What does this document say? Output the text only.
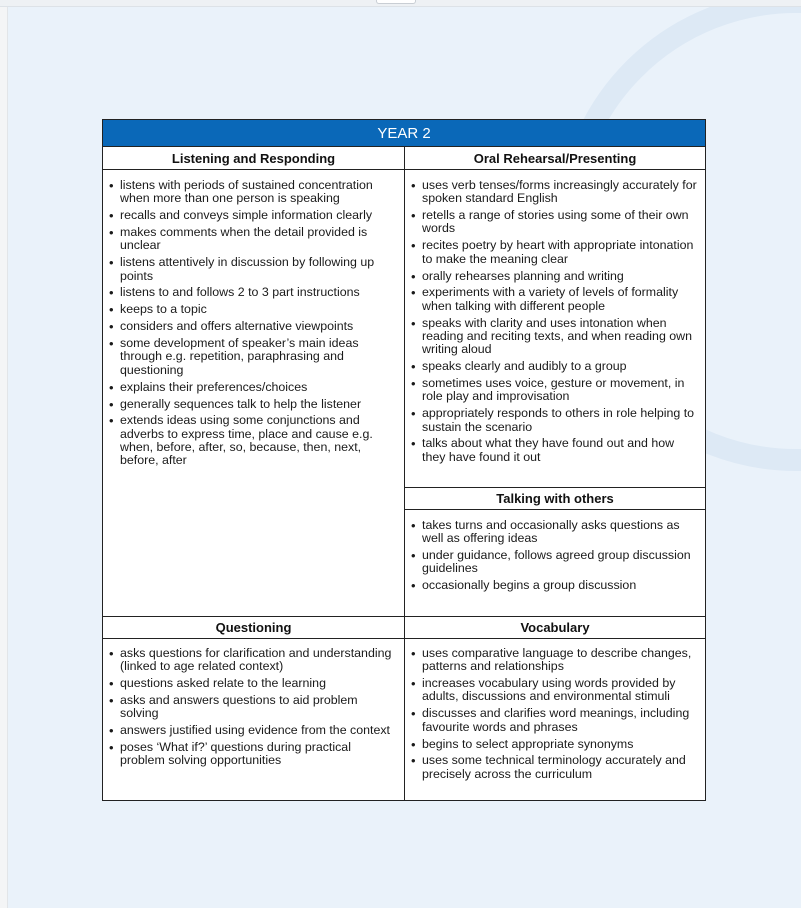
YEAR 2
Listening and Responding	Oral Rehearsal/Presenting
• listens with periods of sustained concentration when more than one person is speaking
• recalls and conveys simple information clearly
• makes comments when the detail provided is unclear
• listens attentively in discussion by following up points
• listens to and follows 2 to 3 part instructions
• keeps to a topic
• considers and offers alternative viewpoints
• some development of speaker’s main ideas through e.g. repetition, paraphrasing and questioning
• explains their preferences/choices
• generally sequences talk to help the listener
• extends ideas using some conjunctions and adverbs to express time, place and cause e.g. when, before, after, so, because, then, next, before, after
• uses verb tenses/forms increasingly accurately for spoken standard English
• retells a range of stories using some of their own words
• recites poetry by heart with appropriate intonation to make the meaning clear
• orally rehearses planning and writing
• experiments with a variety of levels of formality when talking with different people
• speaks with clarity and uses intonation when reading and reciting texts, and when reading own writing aloud
• speaks clearly and audibly to a group
• sometimes uses voice, gesture or movement, in role play and improvisation
• appropriately responds to others in role helping to sustain the scenario
• talks about what they have found out and how they have found it out
Talking with others
• takes turns and occasionally asks questions as well as offering ideas
• under guidance, follows agreed group discussion guidelines
• occasionally begins a group discussion
Questioning	Vocabulary
• asks questions for clarification and understanding (linked to age related context)
• questions asked relate to the learning
• asks and answers questions to aid problem solving
• answers justified using evidence from the context
• poses ‘What if?’ questions during practical problem solving opportunities
• uses comparative language to describe changes, patterns and relationships
• increases vocabulary using words provided by adults, discussions and environmental stimuli
• discusses and clarifies word meanings, including favourite words and phrases
• begins to select appropriate synonyms
• uses some technical terminology accurately and precisely across the curriculum
